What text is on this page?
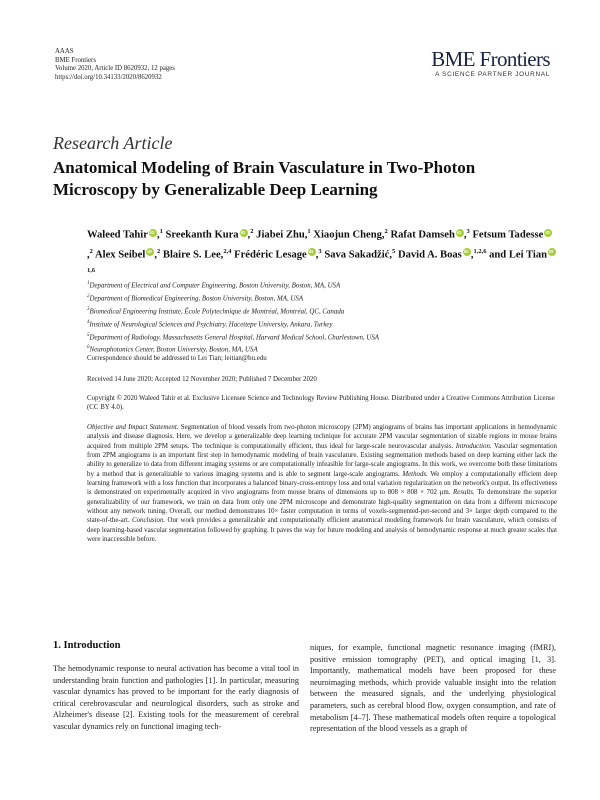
AAAS
BME Frontiers
Volume 2020, Article ID 8620932, 12 pages
https://doi.org/10.34133/2020/8620932
BME Frontiers
A SCIENCE PARTNER JOURNAL
Research Article
Anatomical Modeling of Brain Vasculature in Two-Photon Microscopy by Generalizable Deep Learning
Waleed Tahir iD ,$^1$ Sreekanth Kura iD ,$^2$ Jiabei Zhu,$^1$ Xiaojun Cheng,$^2$ Rafat DamsehiD ,$^3$ Fetsum TadesseiD,$^2$ Alex Seibel iD ,$^2$ Blaire S. Lee,$^{2,4}$ Frédéric Lesage iD ,$^3$ Sava Sakadžić,$^5$ David A. Boas iD ,$^{1,2,6}$ and Lei TianiD$^{1,6}$
$^1$Department of Electrical and Computer Engineering, Boston University, Boston, MA, USA
$^2$Department of Biomedical Engineering, Boston University, Boston, MA, USA
$^3$Biomedical Engineering Institute, École Polytechnique de Montréal, Montréal, QC, Canada
$^4$Institute of Neurological Sciences and Psychiatry, Hacettepe University, Ankara, Turkey
$^5$Department of Radiology, Massachusetts General Hospital, Harvard Medical School, Charlestown, USA
$^6$Neurophotonics Center, Boston University, Boston, MA, USA
Correspondence should be addressed to Lei Tian; leitian@bu.edu
Received 14 June 2020; Accepted 12 November 2020; Published 7 December 2020
Copyright © 2020 Waleed Tahir et al. Exclusive Licensee Science and Technology Review Publishing House. Distributed under a Creative Commons Attribution License (CC BY 4.0).
Objective and Impact Statement. Segmentation of blood vessels from two-photon microscopy (2PM) angiograms of brains has important applications in hemodynamic analysis and disease diagnosis. Here, we develop a generalizable deep learning technique for accurate 2PM vascular segmentation of sizable regions in mouse brains acquired from multiple 2PM setups. The technique is computationally efficient, thus ideal for large-scale neurovascular analysis. Introduction. Vascular segmentation from 2PM angiograms is an important first step in hemodynamic modeling of brain vasculature. Existing segmentation methods based on deep learning either lack the ability to generalize to data from different imaging systems or are computationally infeasible for large-scale angiograms. In this work, we overcome both these limitations by a method that is generalizable to various imaging systems and is able to segment large-scale angiograms. Methods. We employ a computationally efficient deep learning framework with a loss function that incorporates a balanced binary-cross-entropy loss and total variation regularization on the network's output. Its effectiveness is demonstrated on experimentally acquired in vivo angiograms from mouse brains of dimensions up to 808 × 808 × 702 μm. Results. To demonstrate the superior generalizability of our framework, we train on data from only one 2PM microscope and demonstrate high-quality segmentation on data from a different microscope without any network tuning. Overall, our method demonstrates 10× faster computation in terms of voxels-segmented-per-second and 3× larger depth compared to the state-of-the-art. Conclusion. Our work provides a generalizable and computationally efficient anatomical modeling framework for brain vasculature, which consists of deep learning-based vascular segmentation followed by graphing. It paves the way for future modeling and analysis of hemodynamic response at much greater scales that were inaccessible before.
1. Introduction
The hemodynamic response to neural activation has become a vital tool in understanding brain function and pathologies [1]. In particular, measuring vascular dynamics has proved to be important for the early diagnosis of critical cerebrovascular and neurological disorders, such as stroke and Alzheimer's disease [2]. Existing tools for the measurement of cerebral vascular dynamics rely on functional imaging tech-
niques, for example, functional magnetic resonance imaging (fMRI), positive emission tomography (PET), and optical imaging [1, 3]. Importantly, mathematical models have been proposed for these neuroimaging methods, which provide valuable insight into the relation between the measured signals, and the underlying physiological parameters, such as cerebral blood flow, oxygen consumption, and rate of metabolism [4–7]. These mathematical models often require a topological representation of the blood vessels as a graph of
